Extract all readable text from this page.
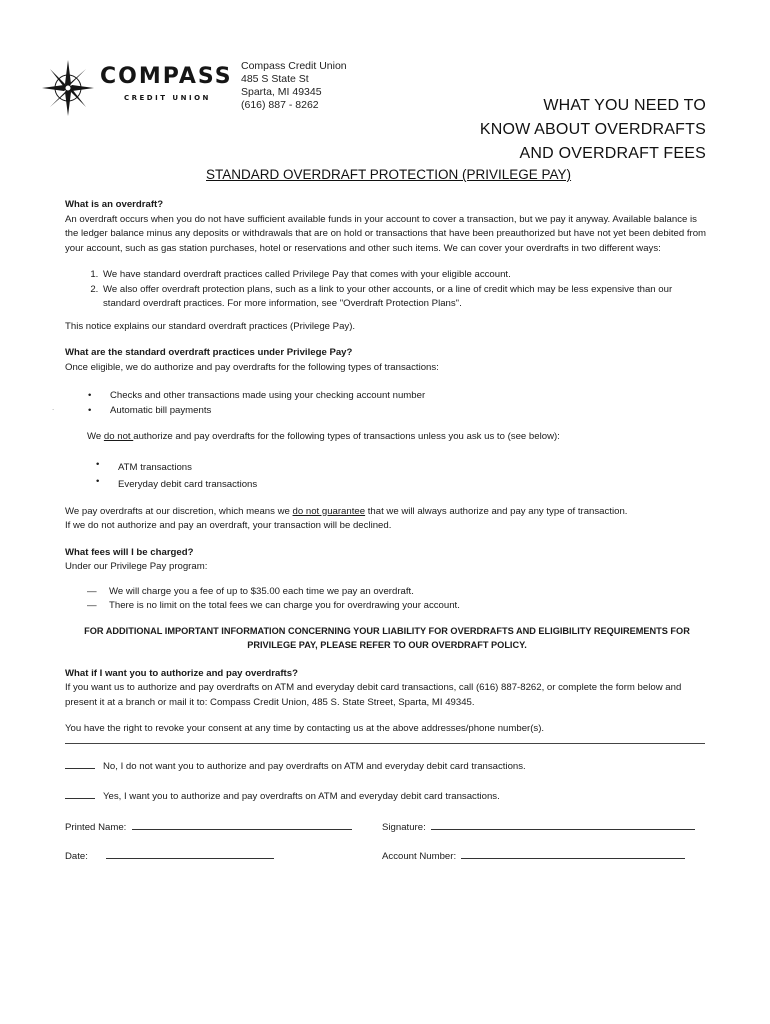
COMPASS
CREDIT UNION
Compass Credit Union
485 S State St
Sparta, MI 49345
(616) 887 - 8262	WHAT YOU NEED TO
KNOW ABOUT OVERDRAFTS
AND OVERDRAFT FEES
STANDARD OVERDRAFT PROTECTION (PRIVILEGE PAY)
.
What is an overdraft?
An overdraft occurs when you do not have sufficient available funds in your account to cover a transaction, but we pay it anyway. Available balance is the ledger balance minus any deposits or withdrawals that are on hold or transactions that have been preauthorized but have not yet been debited from your account, such as gas station purchases, hotel or reservations and other such items. We can cover your overdrafts in two different ways:
1. We have standard overdraft practices called Privilege Pay that comes with your eligible account.
2. We also offer overdraft protection plans, such as a link to your other accounts, or a line of credit which may be less expensive than our standard overdraft practices. For more information, see "Overdraft Protection Plans".
This notice explains our standard overdraft practices (Privilege Pay).
What are the standard overdraft practices under Privilege Pay?
Once eligible, we do authorize and pay overdrafts for the following types of transactions:
• Checks and other transactions made using your checking account number
• Automatic bill payments
We do not authorize and pay overdrafts for the following types of transactions unless you ask us to (see below):
• ATM transactions
• Everyday debit card transactions
We pay overdrafts at our discretion, which means we do not guarantee that we will always authorize and pay any type of transaction.
If we do not authorize and pay an overdraft, your transaction will be declined.
What fees will I be charged?
Under our Privilege Pay program:
— We will charge you a fee of up to $35.00 each time we pay an overdraft.
— There is no limit on the total fees we can charge you for overdrawing your account.
FOR ADDITIONAL IMPORTANT INFORMATION CONCERNING YOUR LIABILITY FOR OVERDRAFTS AND ELIGIBILITY REQUIREMENTS FOR PRIVILEGE PAY, PLEASE REFER TO OUR OVERDRAFT POLICY.
What if I want you to authorize and pay overdrafts?
If you want us to authorize and pay overdrafts on ATM and everyday debit card transactions, call (616) 887-8262, or complete the form below and present it at a branch or mail it to: Compass Credit Union, 485 S. State Street, Sparta, MI 49345.
You have the right to revoke your consent at any time by contacting us at the above addresses/phone number(s).
No, I do not want you to authorize and pay overdrafts on ATM and everyday debit card transactions.
Yes, I want you to authorize and pay overdrafts on ATM and everyday debit card transactions.
Printed Name:	Signature:
Date:	Account Number:
